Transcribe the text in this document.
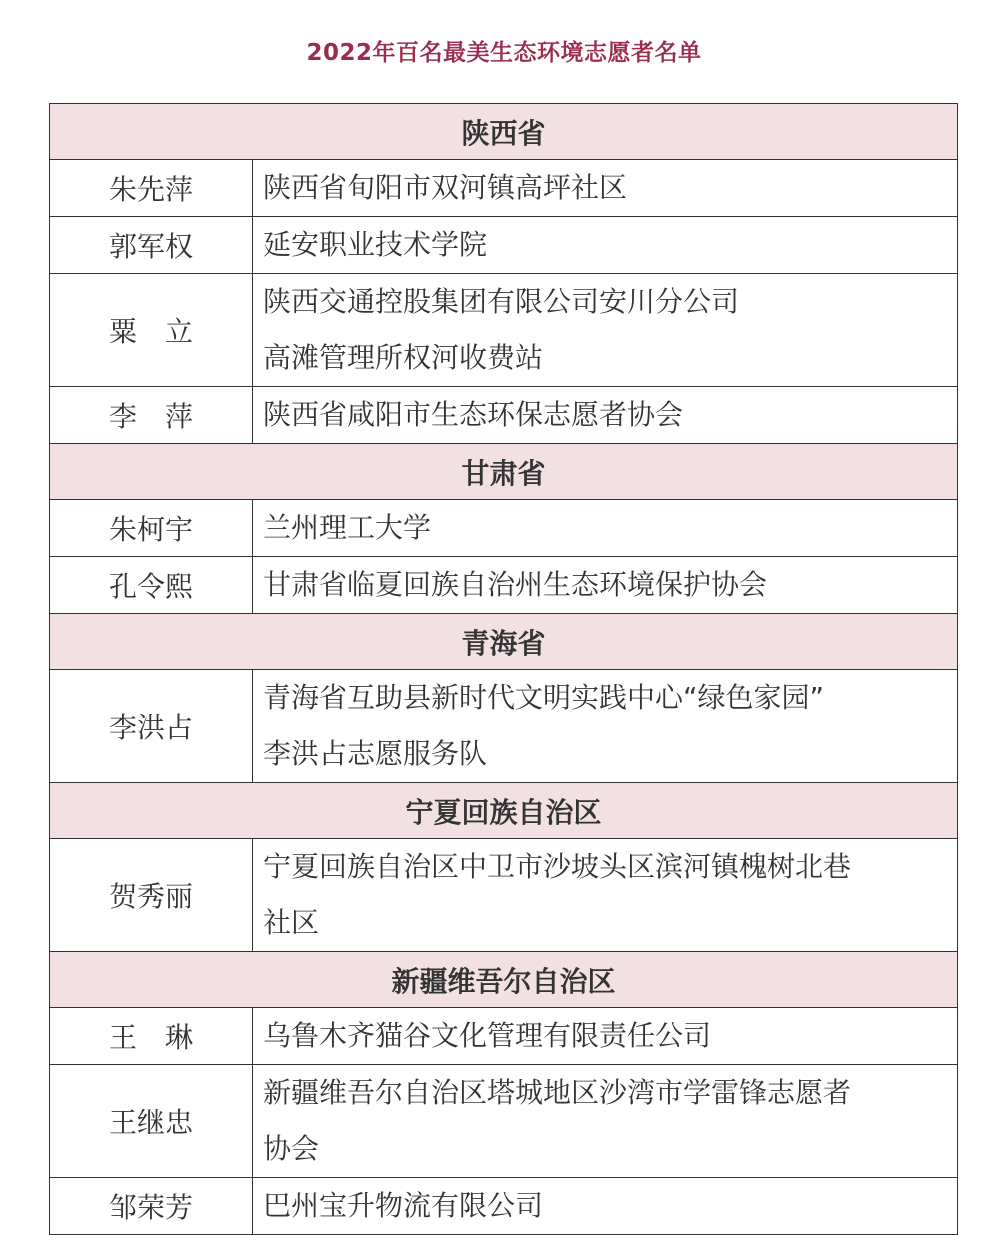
2022年百名最美生态环境志愿者名单
陕西省	
朱先萍	陕西省旬阳市双河镇高坪社区

郭军权	延安职业技术学院

粟　立	陕西交通控股集团有限公司安川分公司
高滩管理所权河收费站

李　萍	陕西省咸阳市生态环保志愿者协会

甘肃省	
朱柯宇	兰州理工大学

孔令熙	甘肃省临夏回族自治州生态环境保护协会

青海省	
李洪占	青海省互助县新时代文明实践中心“绿色家园”
李洪占志愿服务队

宁夏回族自治区	
贺秀丽	宁夏回族自治区中卫市沙坡头区滨河镇槐树北巷
社区

新疆维吾尔自治区	
王　琳	乌鲁木齐猫谷文化管理有限责任公司

王继忠	新疆维吾尔自治区塔城地区沙湾市学雷锋志愿者
协会

邹荣芳	巴州宝升物流有限公司
